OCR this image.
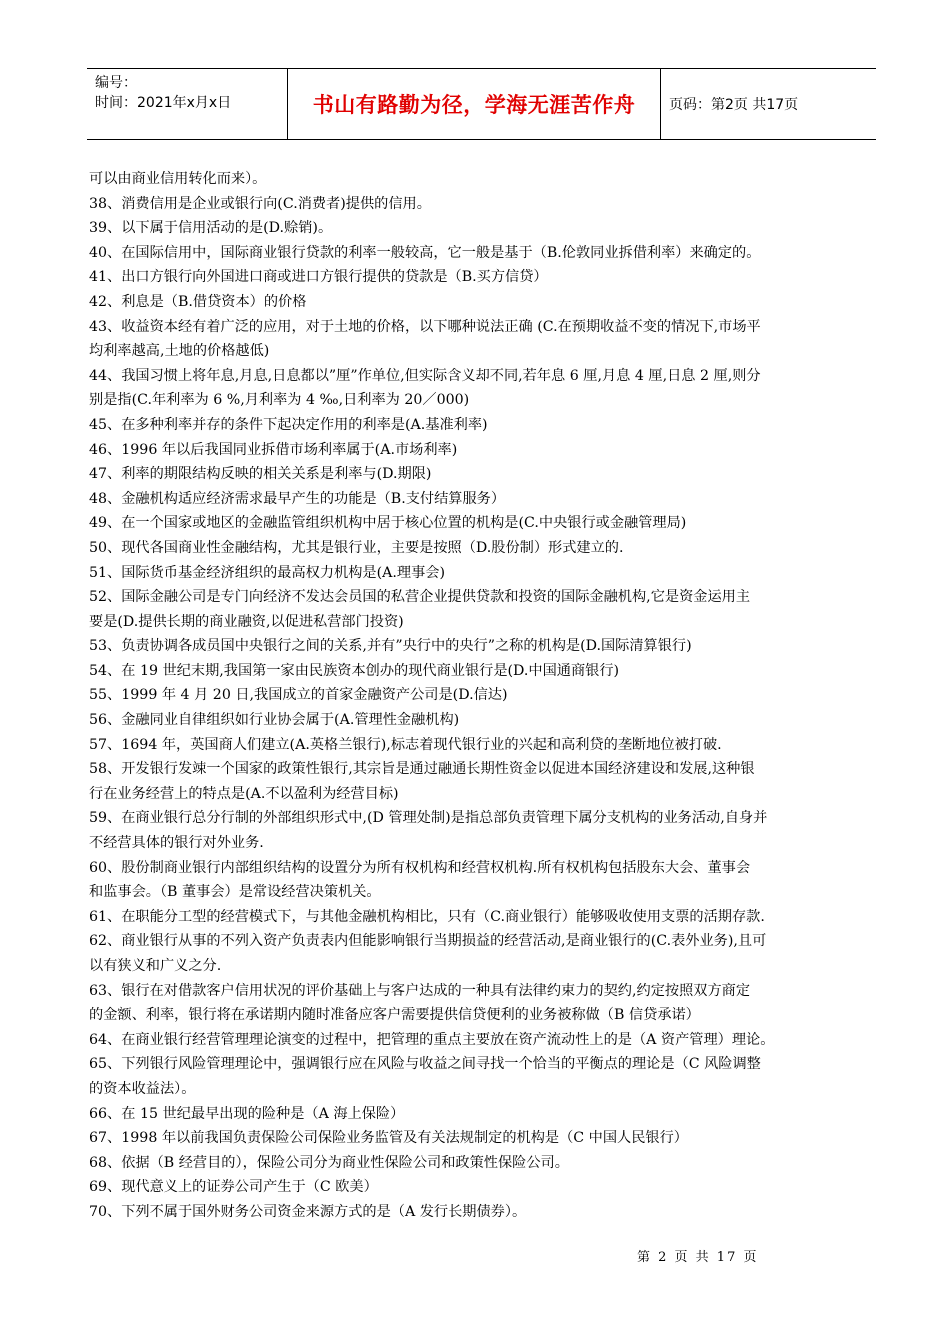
编号：
时间：2021年x月x日	书山有路勤为径，学海无涯苦作舟 页码：第2页 共17页
可以由商业信用转化而来）。
38、消费信用是企业或银行向(C.消费者)提供的信用。
39、以下属于信用活动的是(D.赊销)。
40、在国际信用中，国际商业银行贷款的利率一般较高，它一般是基于（B.伦敦同业拆借利率）来确定的。
41、出口方银行向外国进口商或进口方银行提供的贷款是（B.买方信贷）
42、利息是（B.借贷资本）的价格
43、收益资本经有着广泛的应用，对于土地的价格，以下哪种说法正确 (C.在预期收益不变的情况下,市场平
均利率越高,土地的价格越低)
44、我国习惯上将年息,月息,日息都以”厘”作单位,但实际含义却不同,若年息 6 厘,月息 4 厘,日息 2 厘,则分
别是指(C.年利率为 6 %,月利率为 4 ‰,日利率为 20／000)
45、在多种利率并存的条件下起决定作用的利率是(A.基准利率)
46、1996 年以后我国同业拆借市场利率属于(A.市场利率)
47、利率的期限结构反映的相关关系是利率与(D.期限)
48、金融机构适应经济需求最早产生的功能是（B.支付结算服务）
49、在一个国家或地区的金融监管组织机构中居于核心位置的机构是(C.中央银行或金融管理局)
50、现代各国商业性金融结构，尤其是银行业，主要是按照（D.股份制）形式建立的.
51、国际货币基金经济组织的最高权力机构是(A.理事会)
52、国际金融公司是专门向经济不发达会员国的私营企业提供贷款和投资的国际金融机构,它是资金运用主
要是(D.提供长期的商业融资,以促进私营部门投资)
53、负责协调各成员国中央银行之间的关系,并有”央行中的央行”之称的机构是(D.国际清算银行)
54、在 19 世纪末期,我国第一家由民族资本创办的现代商业银行是(D.中国通商银行)
55、1999 年 4 月 20 日,我国成立的首家金融资产公司是(D.信达)
56、金融同业自律组织如行业协会属于(A.管理性金融机构)
57、1694 年，英国商人们建立(A.英格兰银行),标志着现代银行业的兴起和高利贷的垄断地位被打破.
58、开发银行发竦一个国家的政策性银行,其宗旨是通过融通长期性资金以促进本国经济建设和发展,这种银
行在业务经营上的特点是(A.不以盈利为经营目标)
59、在商业银行总分行制的外部组织形式中,(D 管理处制)是指总部负责管理下属分支机构的业务活动,自身并
不经营具体的银行对外业务.
60、股份制商业银行内部组织结构的设置分为所有权机构和经营权机构.所有权机构包括股东大会、董事会
和监事会。（B 董事会）是常设经营决策机关。
61、在职能分工型的经营模式下，与其他金融机构相比，只有（C.商业银行）能够吸收使用支票的活期存款.
62、商业银行从事的不列入资产负责表内但能影响银行当期损益的经营活动,是商业银行的(C.表外业务),且可
以有狭义和广义之分.
63、银行在对借款客户信用状况的评价基础上与客户达成的一种具有法律约束力的契约,约定按照双方商定
的金额、利率，银行将在承诺期内随时准备应客户需要提供信贷便利的业务被称做（B 信贷承诺）
64、在商业银行经营管理理论演变的过程中，把管理的重点主要放在资产流动性上的是（A 资产管理）理论。
65、下列银行风险管理理论中，强调银行应在风险与收益之间寻找一个恰当的平衡点的理论是（C 风险调整
的资本收益法）。
66、在 15 世纪最早出现的险种是（A 海上保险）
67、1998 年以前我国负责保险公司保险业务监管及有关法规制定的机构是（C 中国人民银行）
68、依据（B 经营目的），保险公司分为商业性保险公司和政策性保险公司。
69、现代意义上的证券公司产生于（C 欧美）
70、下列不属于国外财务公司资金来源方式的是（A 发行长期债券）。
第 2 页 共 17 页
